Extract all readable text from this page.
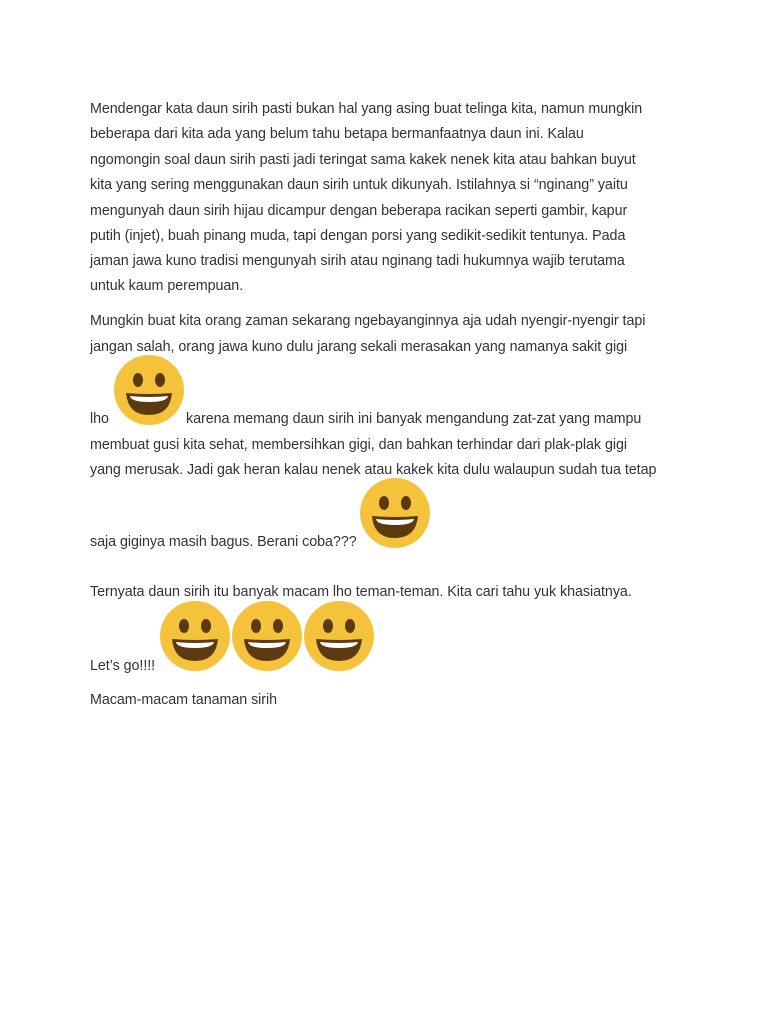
Mendengar kata daun sirih pasti bukan hal yang asing buat telinga kita, namun mungkin
beberapa dari kita ada yang belum tahu betapa bermanfaatnya daun ini. Kalau
ngomongin soal daun sirih pasti jadi teringat sama kakek nenek kita atau bahkan buyut
kita yang sering menggunakan daun sirih untuk dikunyah. Istilahnya si “nginang” yaitu
mengunyah daun sirih hijau dicampur dengan beberapa racikan seperti gambir, kapur
putih (injet), buah pinang muda, tapi dengan porsi yang sedikit-sedikit tentunya. Pada
jaman jawa kuno tradisi mengunyah sirih atau nginang tadi hukumnya wajib terutama
untuk kaum perempuan.
Mungkin buat kita orang zaman sekarang ngebayanginnya aja udah nyengir-nyengir tapi
jangan salah, orang jawa kuno dulu jarang sekali merasakan yang namanya sakit gigi
lho	karena memang daun sirih ini banyak mengandung zat-zat yang mampu
membuat gusi kita sehat, membersihkan gigi, dan bahkan terhindar dari plak-plak gigi
yang merusak. Jadi gak heran kalau nenek atau kakek kita dulu walaupun sudah tua tetap
saja giginya masih bagus. Berani coba???
Ternyata daun sirih itu banyak macam lho teman-teman. Kita cari tahu yuk khasiatnya.
Let’s go!!!!
Macam-macam tanaman sirih
